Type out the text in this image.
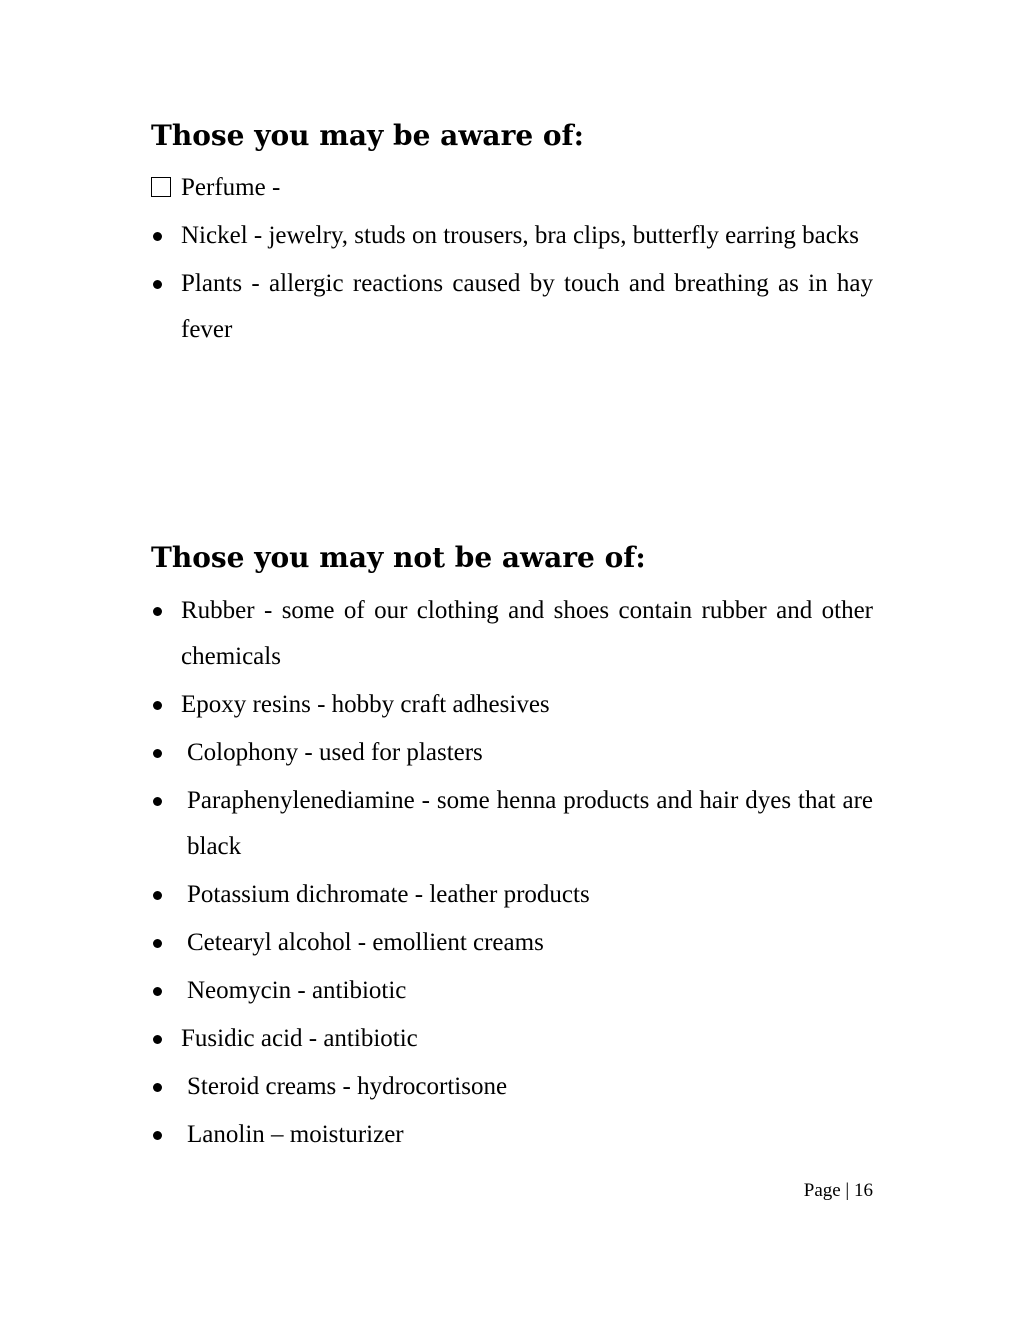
Those you may be aware of:
Perfume -
Nickel - jewelry, studs on trousers, bra clips, butterfly earring backs
Plants - allergic reactions caused by touch and breathing as in hay fever
Those you may not be aware of:
Rubber - some of our clothing and shoes contain rubber and other chemicals
Epoxy resins - hobby craft adhesives
Colophony - used for plasters
Paraphenylenediamine - some henna products and hair dyes that are black
Potassium dichromate - leather products
Cetearyl alcohol - emollient creams
Neomycin - antibiotic
Fusidic acid - antibiotic
Steroid creams - hydrocortisone
Lanolin – moisturizer
Page | 16
